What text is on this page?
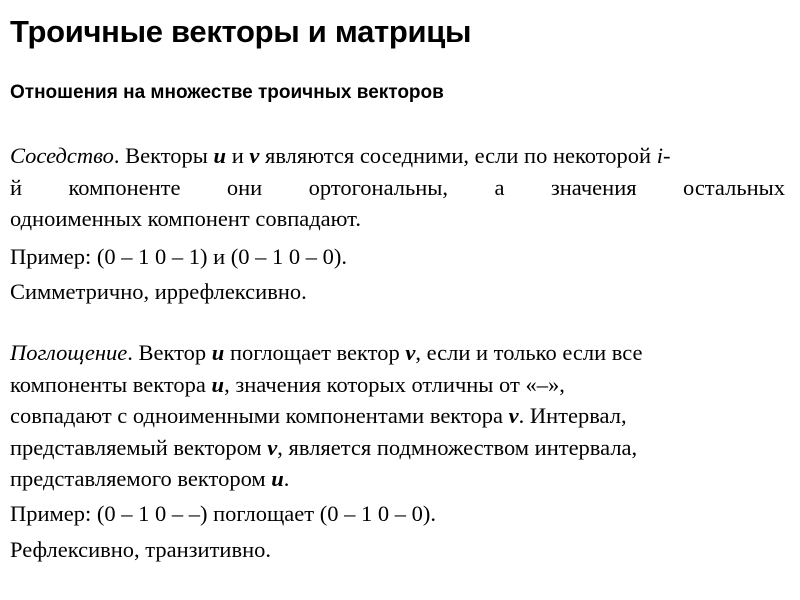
Троичные векторы и матрицы
Отношения на множестве троичных векторов
Соседство. Векторы u и v являются соседними, если по некоторой i-
й компоненте они ортогональны, а значения остальных
одноименных компонент совпадают.
Пример: (0 – 1 0 – 1) и (0 – 1 0 – 0).
Симметрично, иррефлексивно.
Поглощение. Вектор u поглощает вектор v, если и только если все
компоненты вектора u, значения которых отличны от «–»,
совпадают с одноименными компонентами вектора v. Интервал,
представляемый вектором v, является подмножеством интервала,
представляемого вектором u.
Пример: (0 – 1 0 – –) поглощает (0 – 1 0 – 0).
Рефлексивно, транзитивно.
